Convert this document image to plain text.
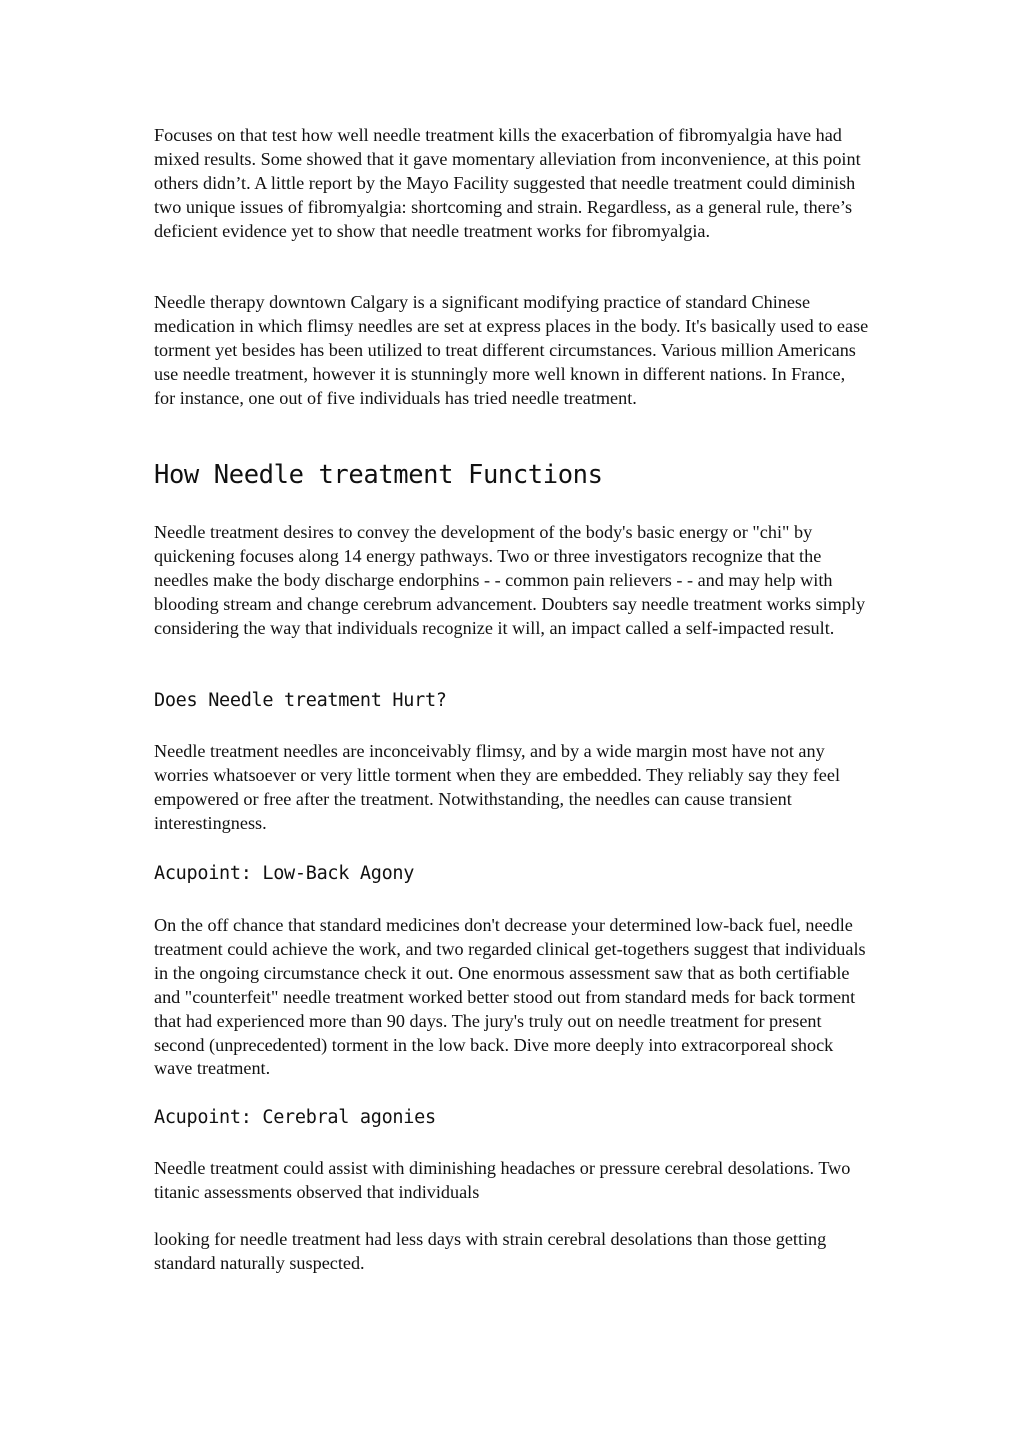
Focuses on that test how well needle treatment kills the exacerbation of fibromyalgia have had mixed results. Some showed that it gave momentary alleviation from inconvenience, at this point others didn’t. A little report by the Mayo Facility suggested that needle treatment could diminish two unique issues of fibromyalgia: shortcoming and strain. Regardless, as a general rule, there’s deficient evidence yet to show that needle treatment works for fibromyalgia.

Needle therapy downtown Calgary is a significant modifying practice of standard Chinese medication in which flimsy needles are set at express places in the body. It's basically used to ease torment yet besides has been utilized to treat different circumstances. Various million Americans use needle treatment, however it is stunningly more well known in different nations. In France, for instance, one out of five individuals has tried needle treatment.

How Needle treatment Functions

Needle treatment desires to convey the development of the body's basic energy or "chi" by quickening focuses along 14 energy pathways. Two or three investigators recognize that the needles make the body discharge endorphins - - common pain relievers - - and may help with blooding stream and change cerebrum advancement. Doubters say needle treatment works simply considering the way that individuals recognize it will, an impact called a self-impacted result.

Does Needle treatment Hurt?

Needle treatment needles are inconceivably flimsy, and by a wide margin most have not any worries whatsoever or very little torment when they are embedded. They reliably say they feel empowered or free after the treatment. Notwithstanding, the needles can cause transient interestingness.

Acupoint: Low-Back Agony

On the off chance that standard medicines don't decrease your determined low-back fuel, needle treatment could achieve the work, and two regarded clinical get-togethers suggest that individuals in the ongoing circumstance check it out. One enormous assessment saw that as both certifiable and "counterfeit" needle treatment worked better stood out from standard meds for back torment that had experienced more than 90 days. The jury's truly out on needle treatment for present second (unprecedented) torment in the low back. Dive more deeply into extracorporeal shock wave treatment.

Acupoint: Cerebral agonies

Needle treatment could assist with diminishing headaches or pressure cerebral desolations. Two titanic assessments observed that individuals

looking for needle treatment had less days with strain cerebral desolations than those getting standard naturally suspected.
